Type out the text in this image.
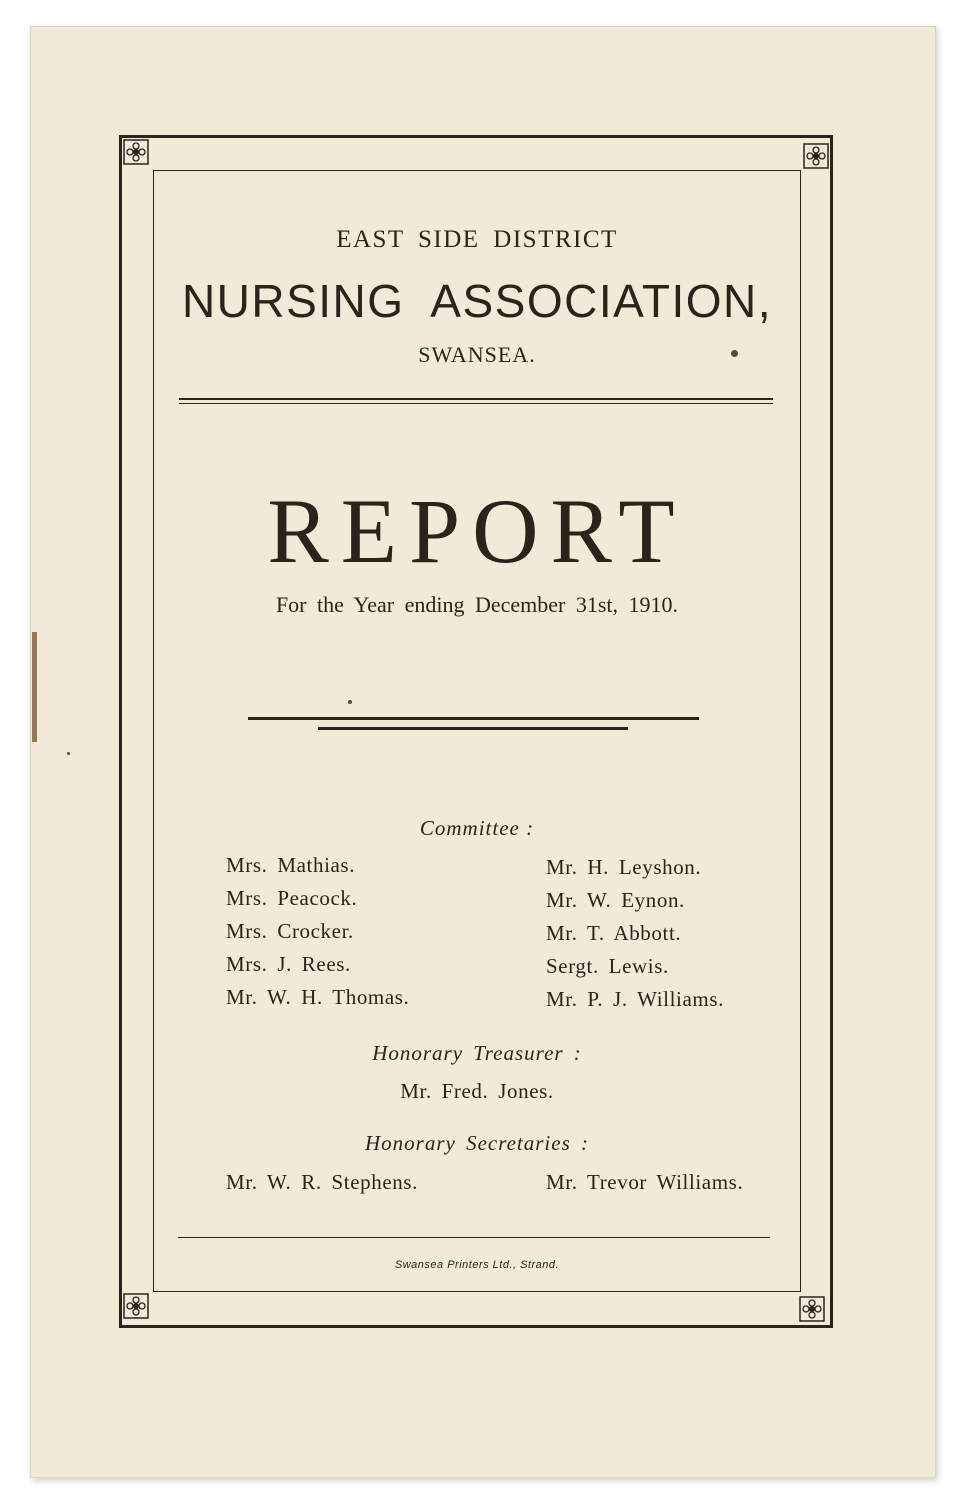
EAST SIDE DISTRICT
NURSING ASSOCIATION,
SWANSEA.
REPORT
For the Year ending December 31st, 1910.
Committee :
Mrs. Mathias.
Mrs. Peacock.
Mrs. Crocker.
Mrs. J. Rees.
Mr. W. H. Thomas.
Mr. H. Leyshon.
Mr. W. Eynon.
Mr. T. Abbott.
Sergt. Lewis.
Mr. P. J. Williams.
Honorary Treasurer :
Mr. Fred. Jones.
Honorary Secretaries :
Mr. W. R. Stephens.	Mr. Trevor Williams.
Swansea Printers Ltd., Strand.
